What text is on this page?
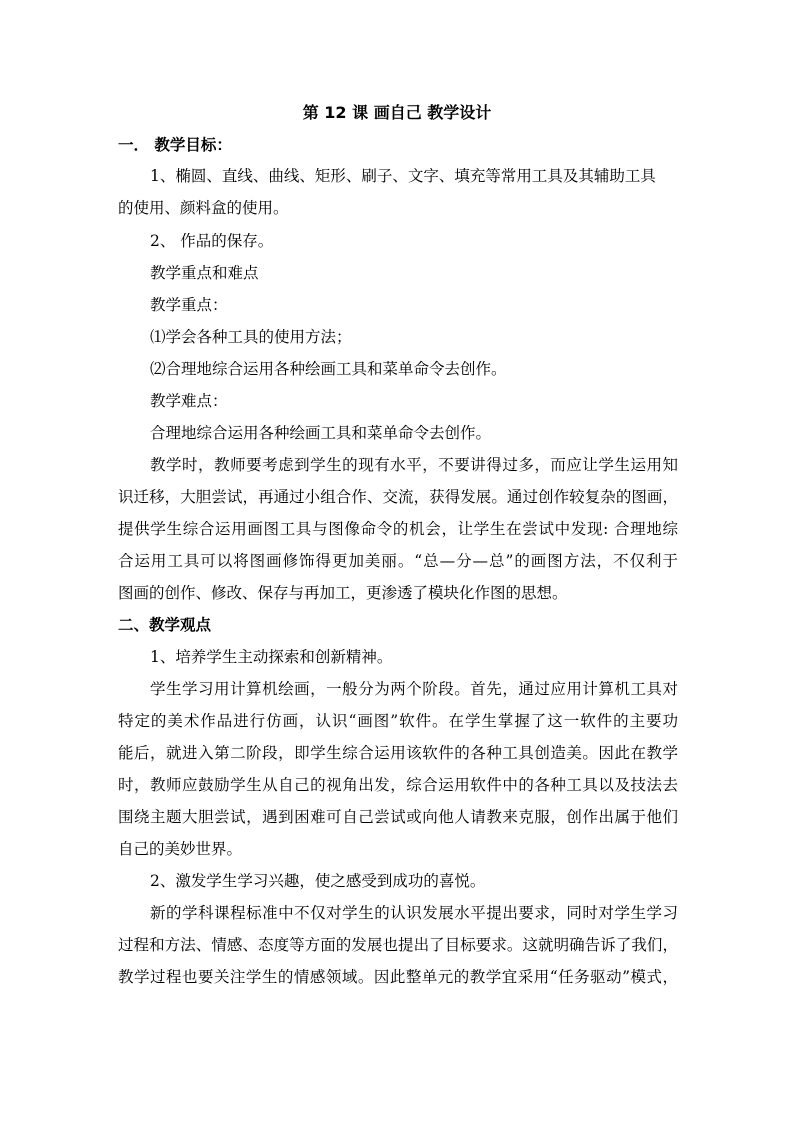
第 12 课 画自己 教学设计
一． 教学目标：
1、椭圆、直线、曲线、矩形、刷子、文字、填充等常用工具及其辅助工具
的使用、颜料盒的使用。
2、 作品的保存。
教学重点和难点
教学重点：
⑴学会各种工具的使用方法；
⑵合理地综合运用各种绘画工具和菜单命令去创作。
教学难点：
合理地综合运用各种绘画工具和菜单命令去创作。
教学时，教师要考虑到学生的现有水平，不要讲得过多，而应让学生运用知
识迁移，大胆尝试，再通过小组合作、交流，获得发展。通过创作较复杂的图画，
提供学生综合运用画图工具与图像命令的机会，让学生在尝试中发现: 合理地综
合运用工具可以将图画修饰得更加美丽。“总—分—总”的画图方法，不仅利于
图画的创作、修改、保存与再加工，更渗透了模块化作图的思想。
二、教学观点
1、培养学生主动探索和创新精神。
学生学习用计算机绘画，一般分为两个阶段。首先，通过应用计算机工具对
特定的美术作品进行仿画，认识“画图”软件。在学生掌握了这一软件的主要功
能后，就进入第二阶段，即学生综合运用该软件的各种工具创造美。因此在教学
时，教师应鼓励学生从自己的视角出发，综合运用软件中的各种工具以及技法去
围绕主题大胆尝试，遇到困难可自己尝试或向他人请教来克服，创作出属于他们
自己的美妙世界。
2、激发学生学习兴趣，使之感受到成功的喜悦。
新的学科课程标准中不仅对学生的认识发展水平提出要求，同时对学生学习
过程和方法、情感、态度等方面的发展也提出了目标要求。这就明确告诉了我们，
教学过程也要关注学生的情感领域。因此整单元的教学宜采用“任务驱动”模式，
